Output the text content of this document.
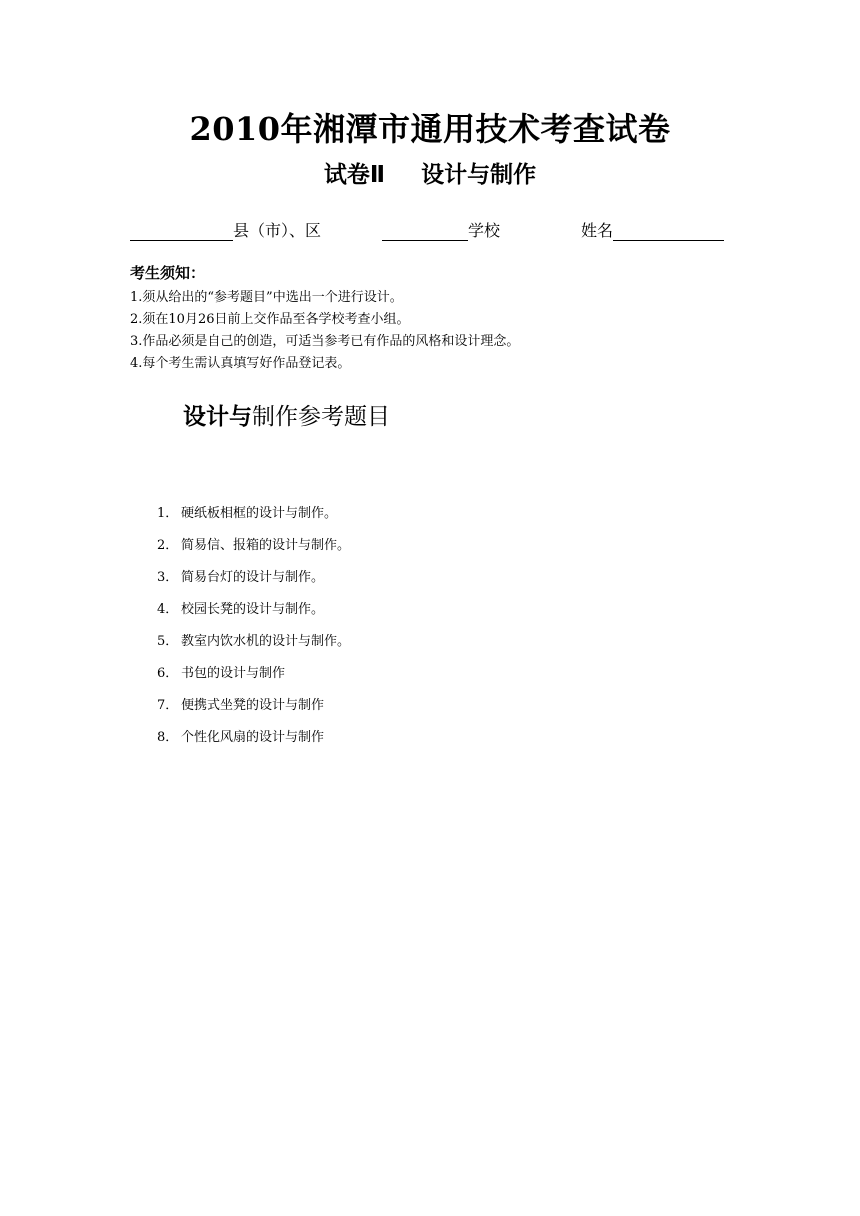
2010年湘潭市通用技术考查试卷
试卷Ⅱ 设计与制作
县（市）、区	学校	姓名
考生须知：
1.须从给出的“参考题目”中选出一个进行设计。
2.须在10月26日前上交作品至各学校考查小组。
3.作品必须是自己的创造，可适当参考已有作品的风格和设计理念。
4.每个考生需认真填写好作品登记表。
设计与制作参考题目
1． 硬纸板相框的设计与制作。
2． 简易信、报箱的设计与制作。
3． 简易台灯的设计与制作。
4． 校园长凳的设计与制作。
5． 教室内饮水机的设计与制作。
6． 书包的设计与制作
7． 便携式坐凳的设计与制作
8． 个性化风扇的设计与制作
